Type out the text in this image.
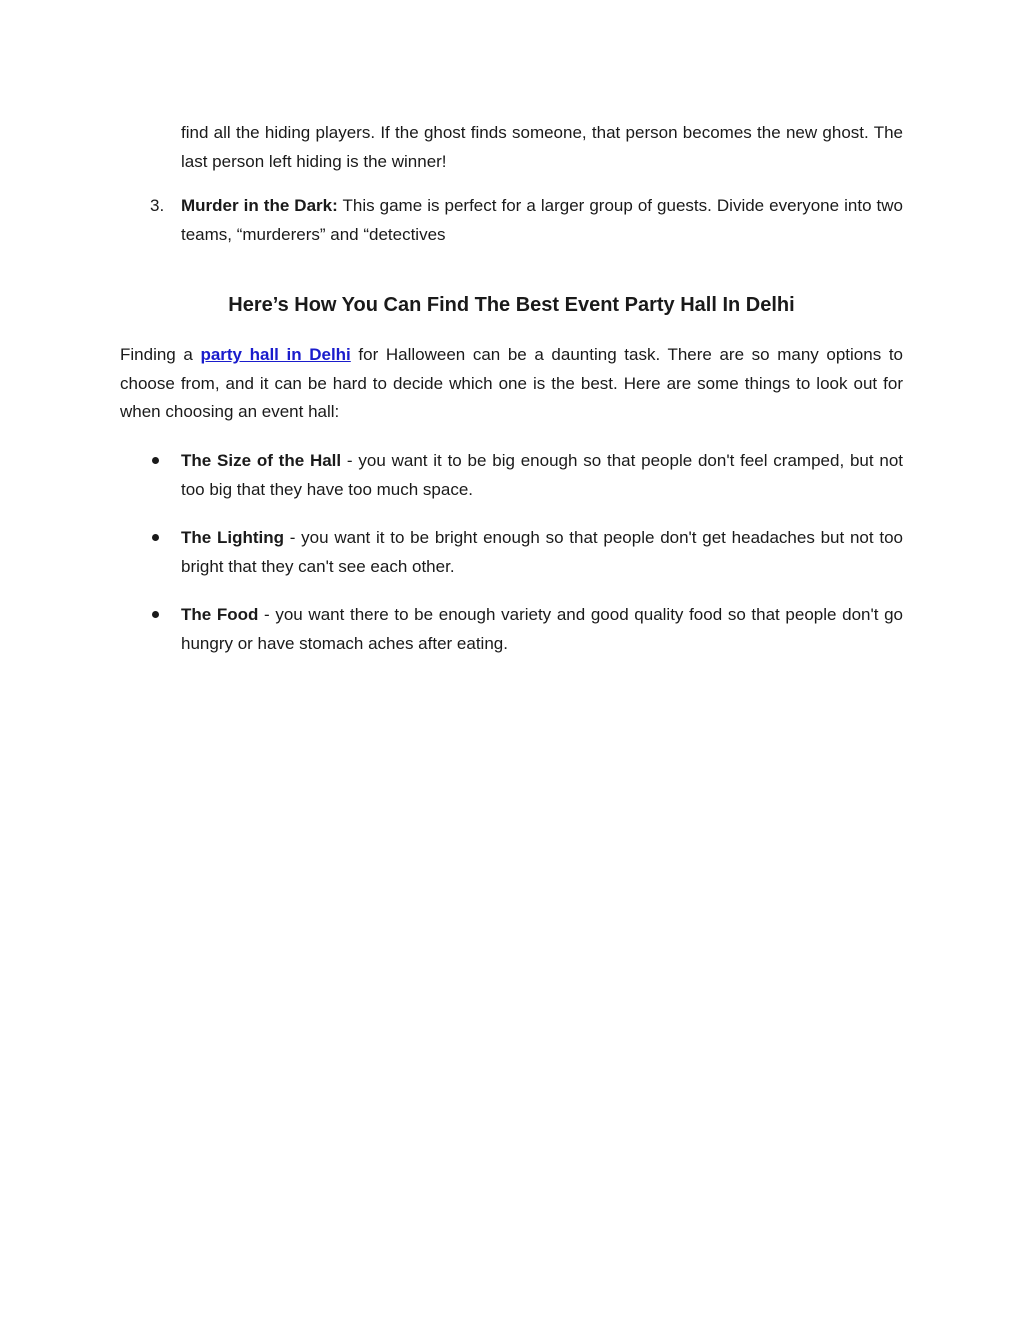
find all the hiding players. If the ghost finds someone, that person becomes the new ghost. The last person left hiding is the winner!

3. Murder in the Dark: This game is perfect for a larger group of guests. Divide everyone into two teams, “murderers” and “detectives
Here’s How You Can Find The Best Event Party Hall In Delhi

Finding a party hall in Delhi for Halloween can be a daunting task. There are so many options to choose from, and it can be hard to decide which one is the best. Here are some things to look out for when choosing an event hall:

The Size of the Hall - you want it to be big enough so that people don't feel cramped, but not too big that they have too much space.
The Lighting - you want it to be bright enough so that people don't get headaches but not too bright that they can't see each other.
The Food - you want there to be enough variety and good quality food so that people don't go hungry or have stomach aches after eating.
